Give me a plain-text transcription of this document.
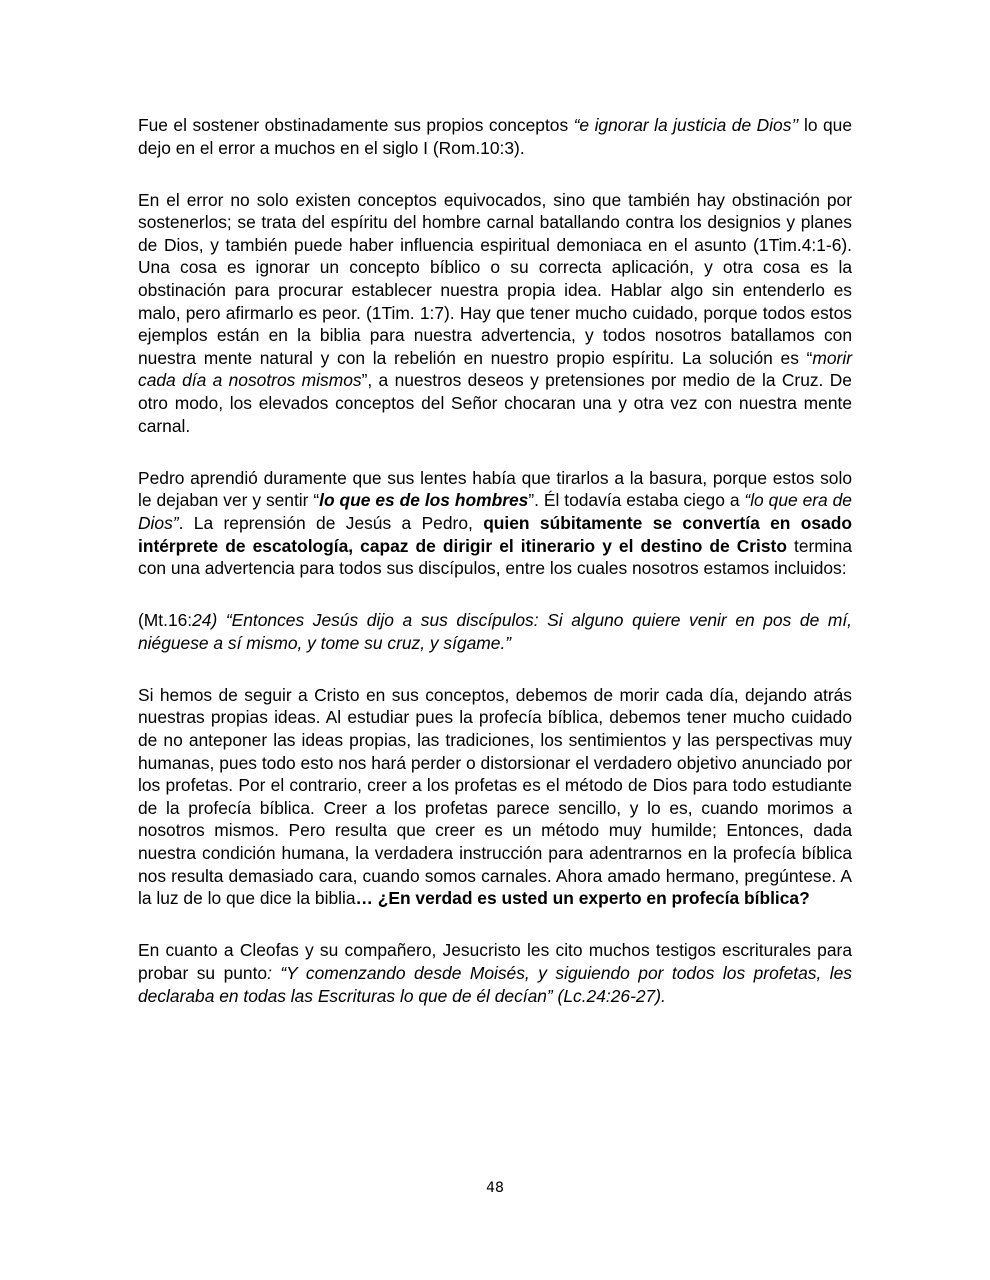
Fue el sostener obstinadamente sus propios conceptos “e ignorar la justicia de Dios’’ lo que dejo en el error a muchos en el siglo I (Rom.10:3).

En el error no solo existen conceptos equivocados, sino que también hay obstinación por sostenerlos; se trata del espíritu del hombre carnal batallando contra los designios y planes de Dios, y también puede haber influencia espiritual demoniaca en el asunto (1Tim.4:1-6). Una cosa es ignorar un concepto bíblico o su correcta aplicación, y otra cosa es la obstinación para procurar establecer nuestra propia idea. Hablar algo sin entenderlo es malo, pero afirmarlo es peor. (1Tim. 1:7). Hay que tener mucho cuidado, porque todos estos ejemplos están en la biblia para nuestra advertencia, y todos nosotros batallamos con nuestra mente natural y con la rebelión en nuestro propio espíritu. La solución es “morir cada día a nosotros mismos”, a nuestros deseos y pretensiones por medio de la Cruz. De otro modo, los elevados conceptos del Señor chocaran una y otra vez con nuestra mente carnal.

Pedro aprendió duramente que sus lentes había que tirarlos a la basura, porque estos solo le dejaban ver y sentir “lo que es de los hombres”. Él todavía estaba ciego a “lo que era de Dios”. La reprensión de Jesús a Pedro, quien súbitamente se convertía en osado intérprete de escatología, capaz de dirigir el itinerario y el destino de Cristo termina con una advertencia para todos sus discípulos, entre los cuales nosotros estamos incluidos:

(Mt.16:24) “Entonces Jesús dijo a sus discípulos: Si alguno quiere venir en pos de mí, niéguese a sí mismo, y tome su cruz, y sígame.”

Si hemos de seguir a Cristo en sus conceptos, debemos de morir cada día, dejando atrás nuestras propias ideas. Al estudiar pues la profecía bíblica, debemos tener mucho cuidado de no anteponer las ideas propias, las tradiciones, los sentimientos y las perspectivas muy humanas, pues todo esto nos hará perder o distorsionar el verdadero objetivo anunciado por los profetas. Por el contrario, creer a los profetas es el método de Dios para todo estudiante de la profecía bíblica. Creer a los profetas parece sencillo, y lo es, cuando morimos a nosotros mismos. Pero resulta que creer es un método muy humilde; Entonces, dada nuestra condición humana, la verdadera instrucción para adentrarnos en la profecía bíblica nos resulta demasiado cara, cuando somos carnales. Ahora amado hermano, pregúntese. A la luz de lo que dice la biblia… ¿En verdad es usted un experto en profecía bíblica?

En cuanto a Cleofas y su compañero, Jesucristo les cito muchos testigos escriturales para probar su punto: “Y comenzando desde Moisés, y siguiendo por todos los profetas, les declaraba en todas las Escrituras lo que de él decían” (Lc.24:26-27).

48
